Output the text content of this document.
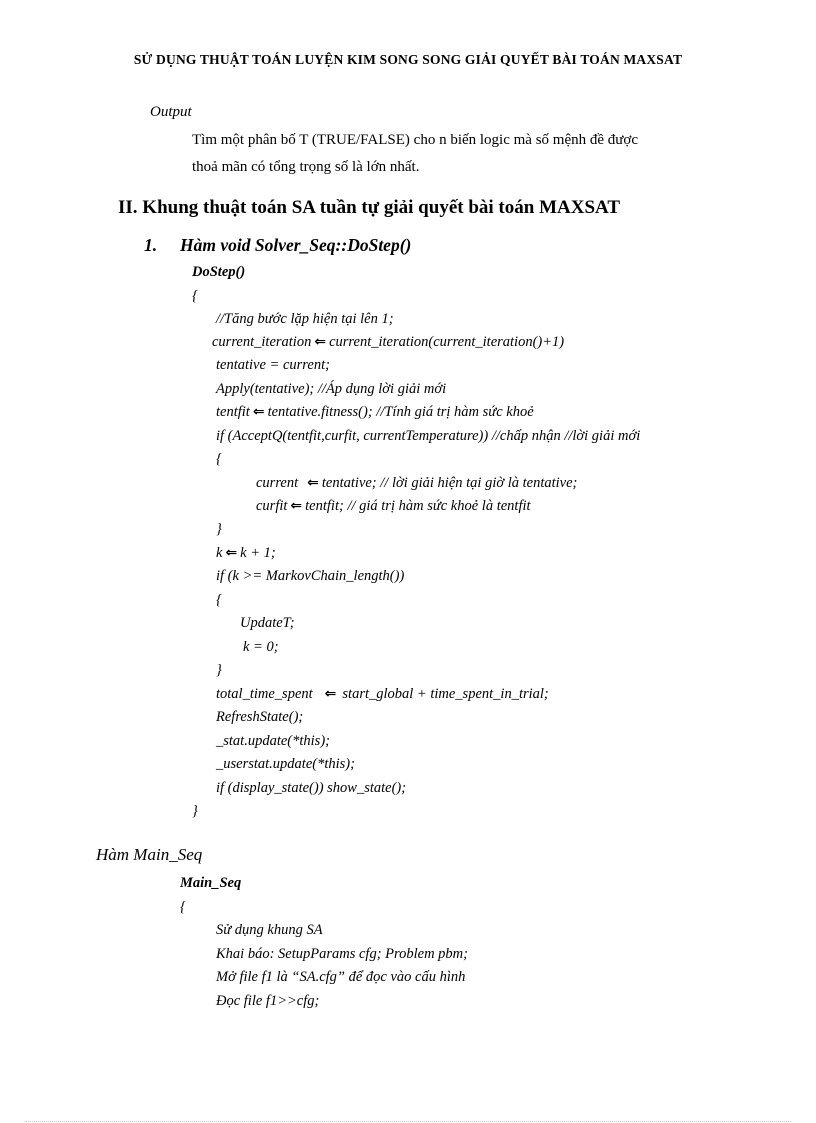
SỬ DỤNG THUẬT TOÁN LUYỆN KIM SONG SONG GIẢI QUYẾT BÀI TOÁN MAXSAT
Output
Tìm một phân bố T (TRUE/FALSE) cho n biến logic mà số mệnh đề được
thoả mãn có tổng trọng số là lớn nhất.
II. Khung thuật toán SA tuần tự giải quyết bài toán MAXSAT
1. Hàm void Solver_Seq::DoStep()
DoStep()
{
//Tăng bước lặp hiện tại lên 1;
current_iteration ⇐ current_iteration(current_iteration()+1)
tentative = current;
Apply(tentative); //Áp dụng lời giải mới
tentfit ⇐ tentative.fitness(); //Tính giá trị hàm sức khoẻ
if (AcceptQ(tentfit,curfit, currentTemperature)) //chấp nhận //lời giải mới
{
current ⇐ tentative; // lời giải hiện tại giờ là tentative;
curfit ⇐ tentfit; // giá trị hàm sức khoẻ là tentfit
}
k ⇐ k + 1;
if (k >= MarkovChain_length())
{
UpdateT;
k = 0;
}
total_time_spent ⇐ start_global + time_spent_in_trial;
RefreshState();
_stat.update(*this);
_userstat.update(*this);
if (display_state()) show_state();
}
Hàm Main_Seq
Main_Seq
{
Sử dụng khung SA
Khai báo: SetupParams cfg; Problem pbm;
Mở file f1 là “SA.cfg” để đọc vào cấu hình
Đọc file f1>>cfg;
